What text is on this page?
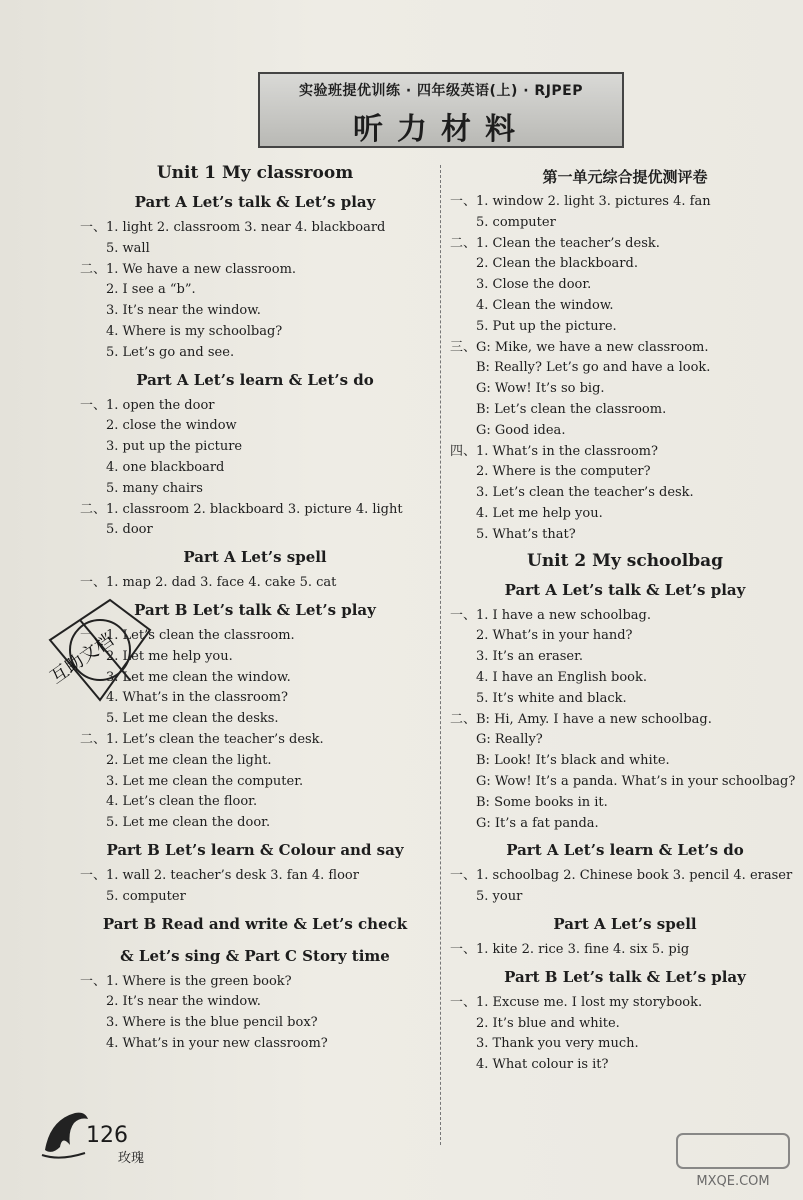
实验班提优训练 · 四年级英语(上) · RJPEP
听力材料
Unit 1 My classroom
Part A Let’s talk & Let’s play
一、1. light 2. classroom 3. near 4. blackboard
5. wall
二、1. We have a new classroom.
2. I see a “b”.
3. It’s near the window.
4. Where is my schoolbag?
5. Let’s go and see.
Part A Let’s learn & Let’s do
一、1. open the door
2. close the window
3. put up the picture
4. one blackboard
5. many chairs
二、1. classroom 2. blackboard 3. picture 4. light
5. door
Part A Let’s spell
一、1. map 2. dad 3. face 4. cake 5. cat
Part B Let’s talk & Let’s play
一、1. Let’s clean the classroom.
2. Let me help you.
3. Let me clean the window.
4. What’s in the classroom?
5. Let me clean the desks.
二、1. Let’s clean the teacher’s desk.
2. Let me clean the light.
3. Let me clean the computer.
4. Let’s clean the floor.
5. Let me clean the door.
Part B Let’s learn & Colour and say
一、1. wall 2. teacher’s desk 3. fan 4. floor
5. computer
Part B Read and write & Let’s check
& Let’s sing & Part C Story time
一、1. Where is the green book?
2. It’s near the window.
3. Where is the blue pencil box?
4. What’s in your new classroom?
第一单元综合提优测评卷
一、1. window 2. light 3. pictures 4. fan
5. computer
二、1. Clean the teacher’s desk.
2. Clean the blackboard.
3. Close the door.
4. Clean the window.
5. Put up the picture.
三、G: Mike, we have a new classroom.
B: Really? Let’s go and have a look.
G: Wow! It’s so big.
B: Let’s clean the classroom.
G: Good idea.
四、1. What’s in the classroom?
2. Where is the computer?
3. Let’s clean the teacher’s desk.
4. Let me help you.
5. What’s that?
Unit 2 My schoolbag
Part A Let’s talk & Let’s play
一、1. I have a new schoolbag.
2. What’s in your hand?
3. It’s an eraser.
4. I have an English book.
5. It’s white and black.
二、B: Hi, Amy. I have a new schoolbag.
G: Really?
B: Look! It’s black and white.
G: Wow! It’s a panda. What’s in your schoolbag?
B: Some books in it.
G: It’s a fat panda.
Part A Let’s learn & Let’s do
一、1. schoolbag 2. Chinese book 3. pencil 4. eraser
5. your
Part A Let’s spell
一、1. kite 2. rice 3. fine 4. six 5. pig
Part B Let’s talk & Let’s play
一、1. Excuse me. I lost my storybook.
2. It’s blue and white.
3. Thank you very much.
4. What colour is it?
互助文档
126
玫瑰
MXQE.COM
